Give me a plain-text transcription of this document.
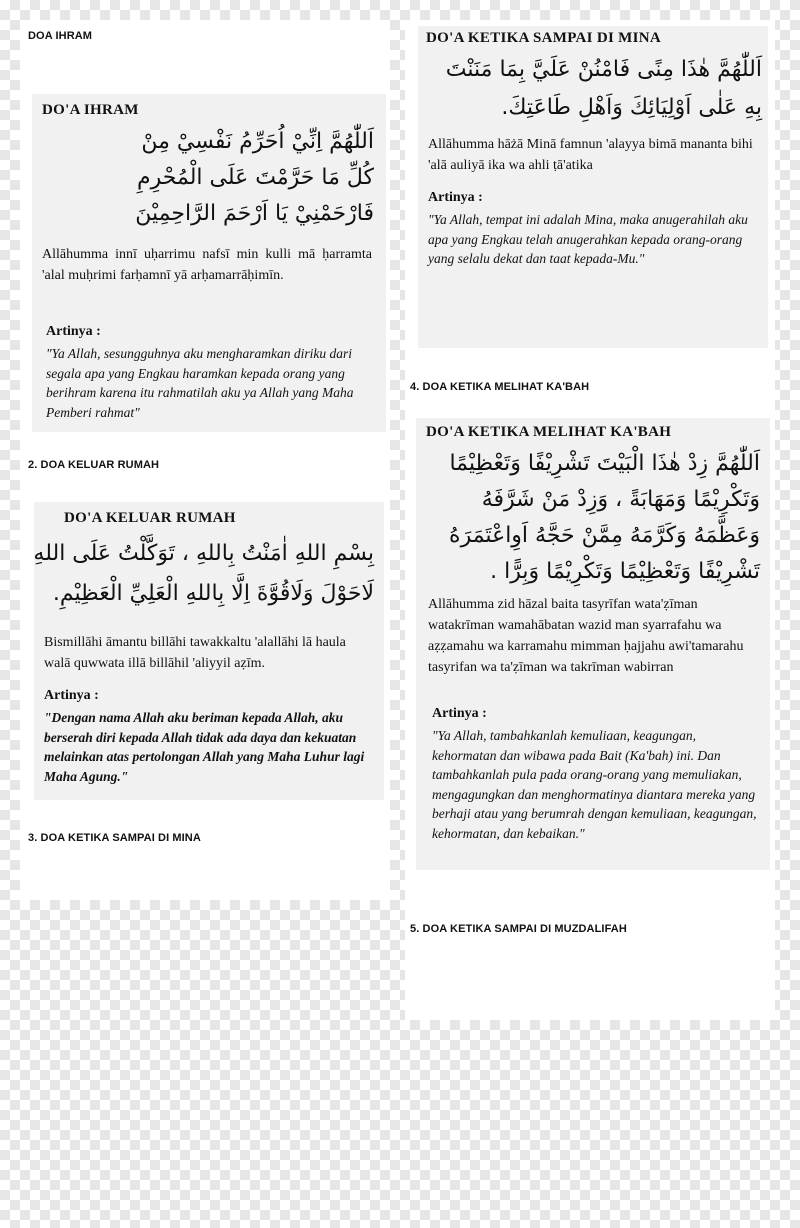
DOA IHRAM
DO'A IHRAM
اَللّٰهُمَّ اِنِّيْ اُحَرِّمُ نَفْسِيْ مِنْ
كُلِّ مَا حَرَّمْتَ عَلَى الْمُحْرِمِ
فَارْحَمْنِيْ يَا اَرْحَمَ الرَّاحِمِيْنَ
Allāhumma innī uḥarrimu nafsī min kulli mā ḥarramta 'alal muḥrimi farḥamnī yā arḥamarrāḥimīn.
Artinya :
"Ya Allah, sesungguhnya aku mengharamkan diriku dari segala apa yang Engkau haramkan kepada orang yang berihram karena itu rahmatilah aku ya Allah yang Maha Pemberi rahmat"
2. DOA KELUAR RUMAH
DO'A KELUAR RUMAH
بِسْمِ اللهِ اٰمَنْتُ بِاللهِ ، تَوَكَّلْتُ عَلَى اللهِ
لَاحَوْلَ وَلَاقُوَّةَ اِلَّا بِاللهِ الْعَلِيِّ الْعَظِيْمِ.
Bismillāhi āmantu billāhi tawakkaltu 'alallāhi lā haula walā quwwata illā billāhil 'aliyyil aẓīm.
Artinya :
"Dengan nama Allah aku beriman kepada Allah, aku berserah diri kepada Allah tidak ada daya dan kekuatan melainkan atas pertolongan Allah yang Maha Luhur lagi Maha Agung."
3. DOA KETIKA SAMPAI DI MINA
DO'A KETIKA SAMPAI DI MINA
اَللّٰهُمَّ هٰذَا مِنًى فَامْنُنْ عَلَيَّ بِمَا مَنَنْتَ
بِهِ عَلٰى اَوْلِيَائِكَ وَاَهْلِ طَاعَتِكَ.
Allāhumma hāżā Minā famnun 'alayya bimā mananta bihi 'alā auliyā ika wa ahli ṭā'atika
Artinya :
"Ya Allah, tempat ini adalah Mina, maka anugerahilah aku apa yang Engkau telah anugerahkan kepada orang-orang yang selalu dekat dan taat kepada-Mu."
4. DOA KETIKA MELIHAT KA'BAH
DO'A KETIKA MELIHAT KA'BAH
اَللّٰهُمَّ زِدْ هٰذَا الْبَيْتَ تَشْرِيْفًا وَتَعْظِيْمًا
وَتَكْرِيْمًا وَمَهَابَةً ، وَزِدْ مَنْ شَرَّفَهُ
وَعَظَّمَهُ وَكَرَّمَهُ مِمَّنْ حَجَّهُ اَوِاعْتَمَرَهُ
تَشْرِيْفًا وَتَعْظِيْمًا وَتَكْرِيْمًا وَبِرًّا .
Allāhumma zid hāzal baita tasyrīfan wata'ẓīman watakrīman wamahābatan wazid man syarrafahu wa aẓẓamahu wa karramahu mimman ḥajjahu awi'tamarahu tasyrifan wa ta'ẓīman wa takrīman wabirran
Artinya :
"Ya Allah, tambahkanlah kemuliaan, keagungan, kehormatan dan wibawa pada Bait (Ka'bah) ini. Dan tambahkanlah pula pada orang-orang yang memuliakan, mengagungkan dan menghormatinya diantara mereka yang berhaji atau yang berumrah dengan kemuliaan, keagungan, kehormatan, dan kebaikan."
5. DOA KETIKA SAMPAI DI MUZDALIFAH
